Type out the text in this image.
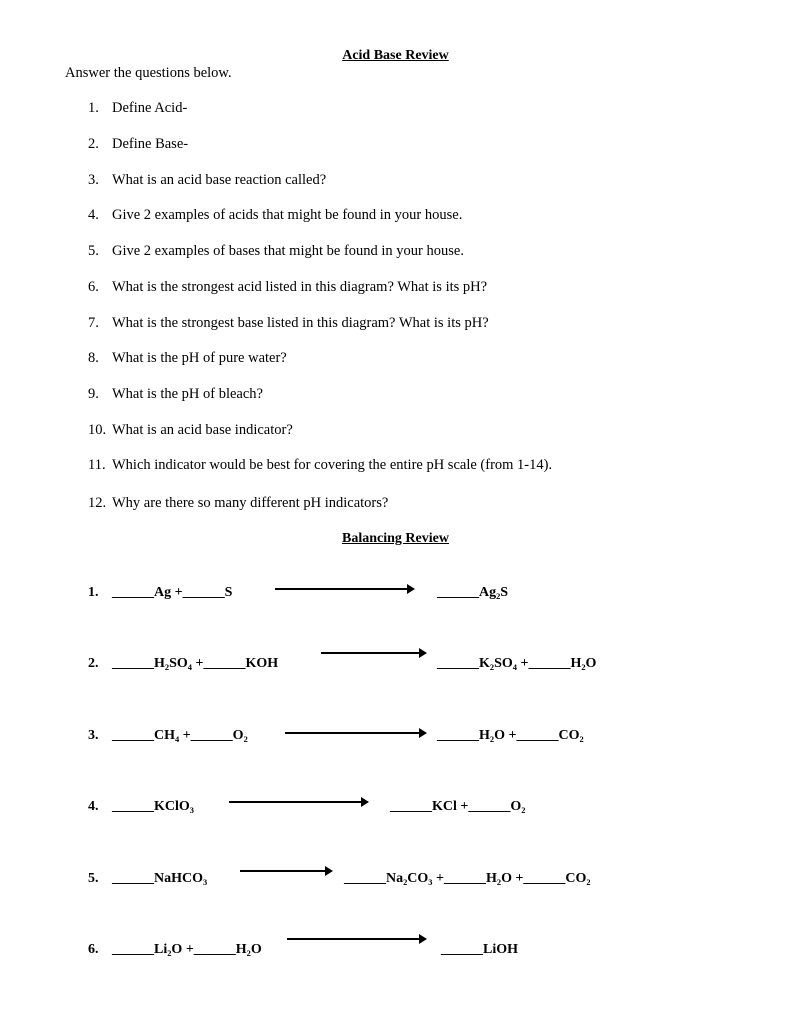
Acid Base Review
Answer the questions below.
1. Define Acid-
2. Define Base-
3. What is an acid base reaction called?
4. Give 2 examples of acids that might be found in your house.
5. Give 2 examples of bases that might be found in your house.
6. What is the strongest acid listed in this diagram? What is its pH?
7. What is the strongest base listed in this diagram? What is its pH?
8. What is the pH of pure water?
9. What is the pH of bleach?
10. What is an acid base indicator?
11. Which indicator would be best for covering the entire pH scale (from 1-14).
12. Why are there so many different pH indicators?
Balancing Review
1. ______Ag +______S	______Ag₂S
2. ______H₂SO₄ +______KOH	______K₂SO₄ +______H₂O
3. ______CH₄ +______O₂	______H₂O +______CO₂
4. ______KClO₃	______KCl +______O₂
5. ______NaHCO₃	______Na₂CO₃ +______H₂O +______CO₂
6. ______Li₂O +______H₂O	______LiOH
